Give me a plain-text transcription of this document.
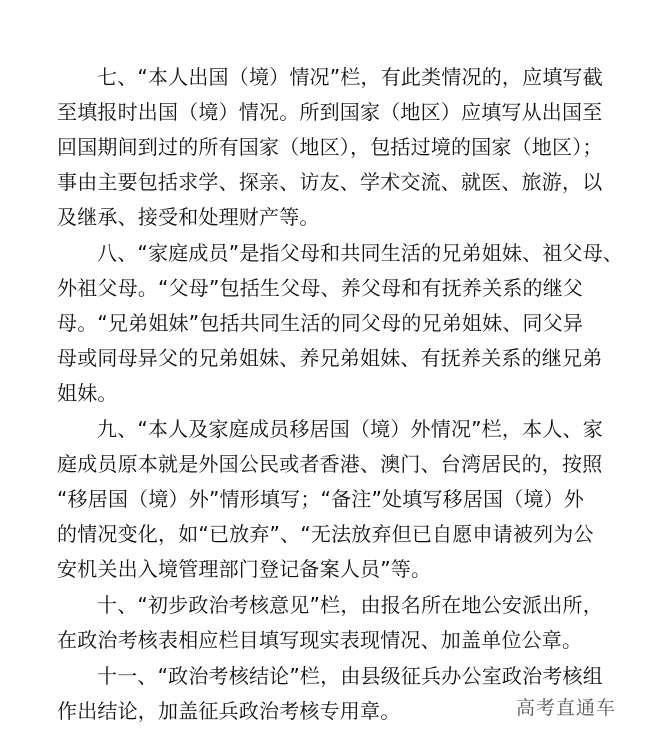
七、“本人出国（境）情况”栏，有此类情况的，应填写截
至填报时出国（境）情况。所到国家（地区）应填写从出国至
回国期间到过的所有国家（地区），包括过境的国家（地区）；
事由主要包括求学、探亲、访友、学术交流、就医、旅游，以
及继承、接受和处理财产等。

八、“家庭成员”是指父母和共同生活的兄弟姐妹、祖父母、
外祖父母。“父母”包括生父母、养父母和有抚养关系的继父
母。“兄弟姐妹”包括共同生活的同父母的兄弟姐妹、同父异
母或同母异父的兄弟姐妹、养兄弟姐妹、有抚养关系的继兄弟
姐妹。

九、“本人及家庭成员移居国（境）外情况”栏，本人、家
庭成员原本就是外国公民或者香港、澳门、台湾居民的，按照
“移居国（境）外”情形填写；“备注”处填写移居国（境）外
的情况变化，如“已放弃”、“无法放弃但已自愿申请被列为公
安机关出入境管理部门登记备案人员”等。

十、“初步政治考核意见”栏，由报名所在地公安派出所，
在政治考核表相应栏目填写现实表现情况、加盖单位公章。

十一、“政治考核结论”栏，由县级征兵办公室政治考核组
作出结论，加盖征兵政治考核专用章。	高考直通车
